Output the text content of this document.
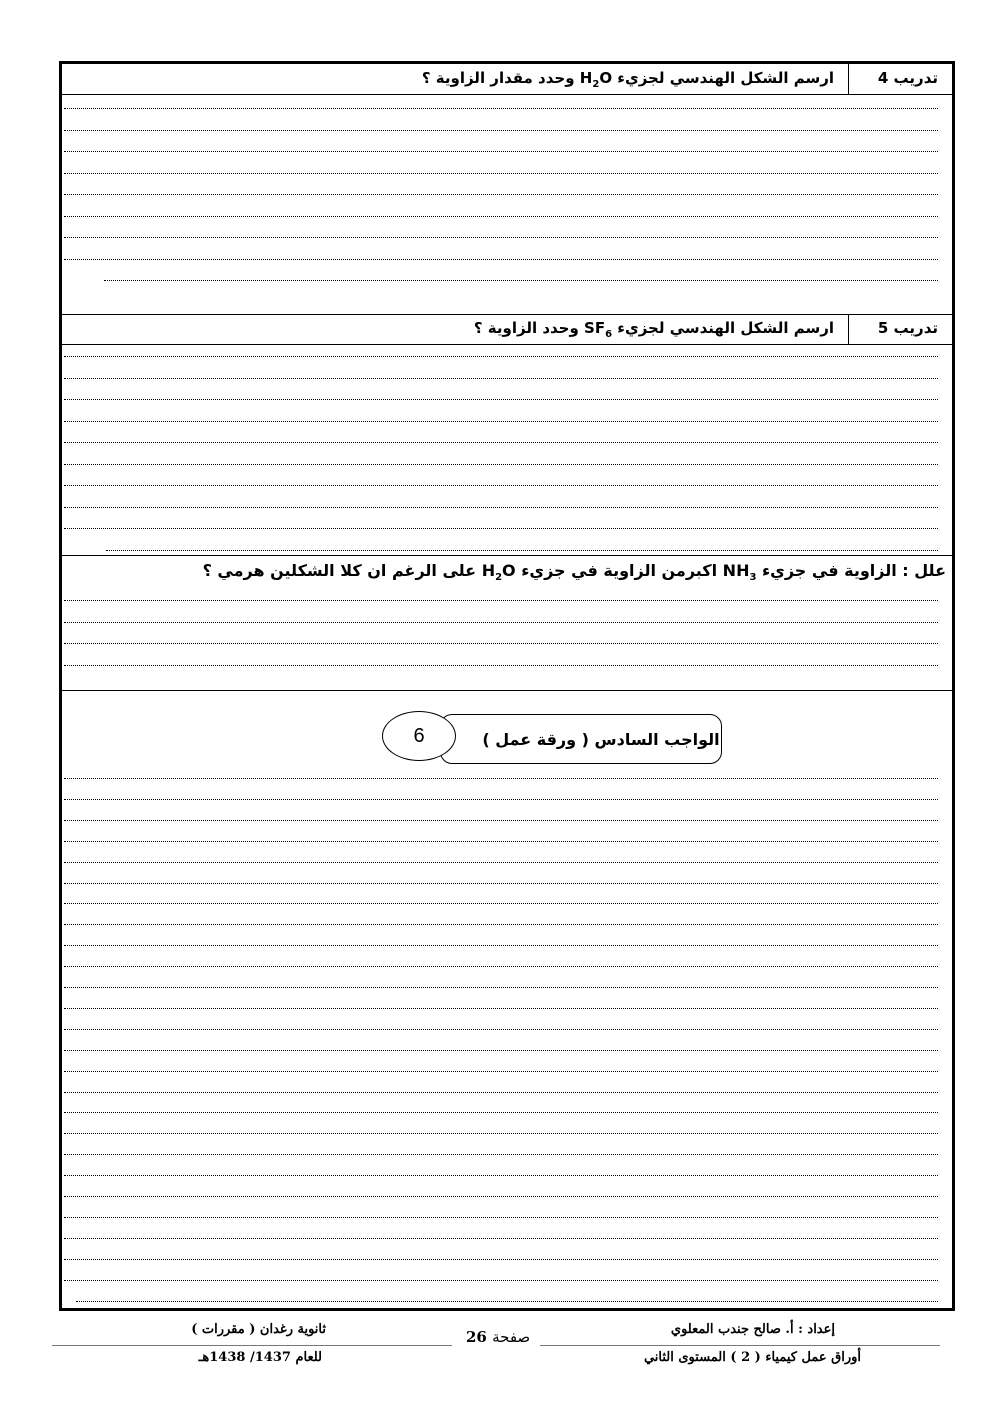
تدريب 4
ارسم الشكل الهندسي لجزيء $H_2O$ وحدد مقدار الزاوية ؟
تدريب 5
ارسم الشكل الهندسي لجزيء $SF_6$ وحدد الزاوية ؟
علل : الزاوية في جزيء $NH_3$ اكبرمن الزاوية في جزيء $H_2O$ على الرغم ان كلا الشكلين هرمي ؟
الواجب السادس ( ورقة عمل )
6
إعداد : أ. صالح جندب المعلوي
أوراق عمل كيمياء ( 2 ) المستوى الثاني
صفحة 26
ثانوية رغدان ( مقررات )
للعام 1437/ 1438هـ
